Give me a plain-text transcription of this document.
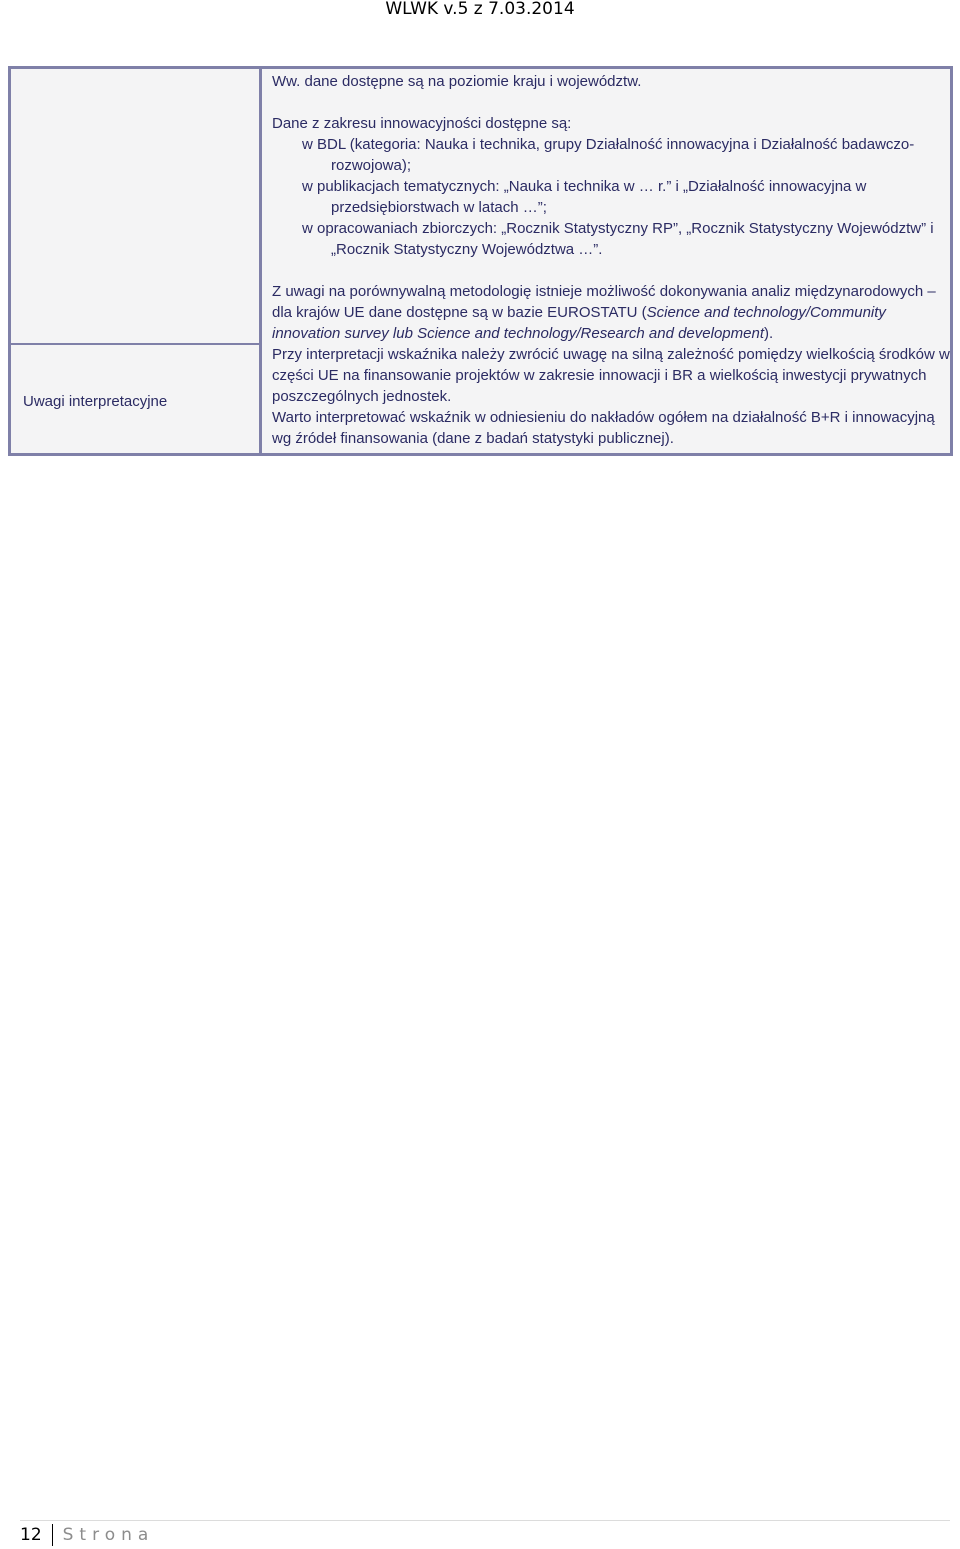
WLWK v.5 z 7.03.2014
Uwagi interpretacyjne

Ww. dane dostępne są na poziomie kraju i województw.

Dane z zakresu innowacyjności dostępne są:

w BDL (kategoria: Nauka i technika, grupy Działalność innowacyjna i Działalność badawczo-rozwojowa);

w publikacjach tematycznych: „Nauka i technika w … r.” i „Działalność innowacyjna w przedsiębiorstwach w latach …”;

w opracowaniach zbiorczych: „Rocznik Statystyczny RP”, „Rocznik Statystyczny Województw” i „Rocznik Statystyczny Województwa …”.

Z uwagi na porównywalną metodologię istnieje możliwość dokonywania analiz międzynarodowych – dla krajów UE dane dostępne są w bazie EUROSTATU (Science and technology/Community innovation survey lub Science and technology/Research and development).

Przy interpretacji wskaźnika należy zwrócić uwagę na silną zależność pomiędzy wielkością środków w części UE na finansowanie projektów w zakresie innowacji i BR a wielkością inwestycji prywatnych poszczególnych jednostek.

Warto interpretować wskaźnik w odniesieniu do nakładów ogółem na działalność B+R i innowacyjną wg źródeł finansowania (dane z badań statystyki publicznej).

12 Strona
